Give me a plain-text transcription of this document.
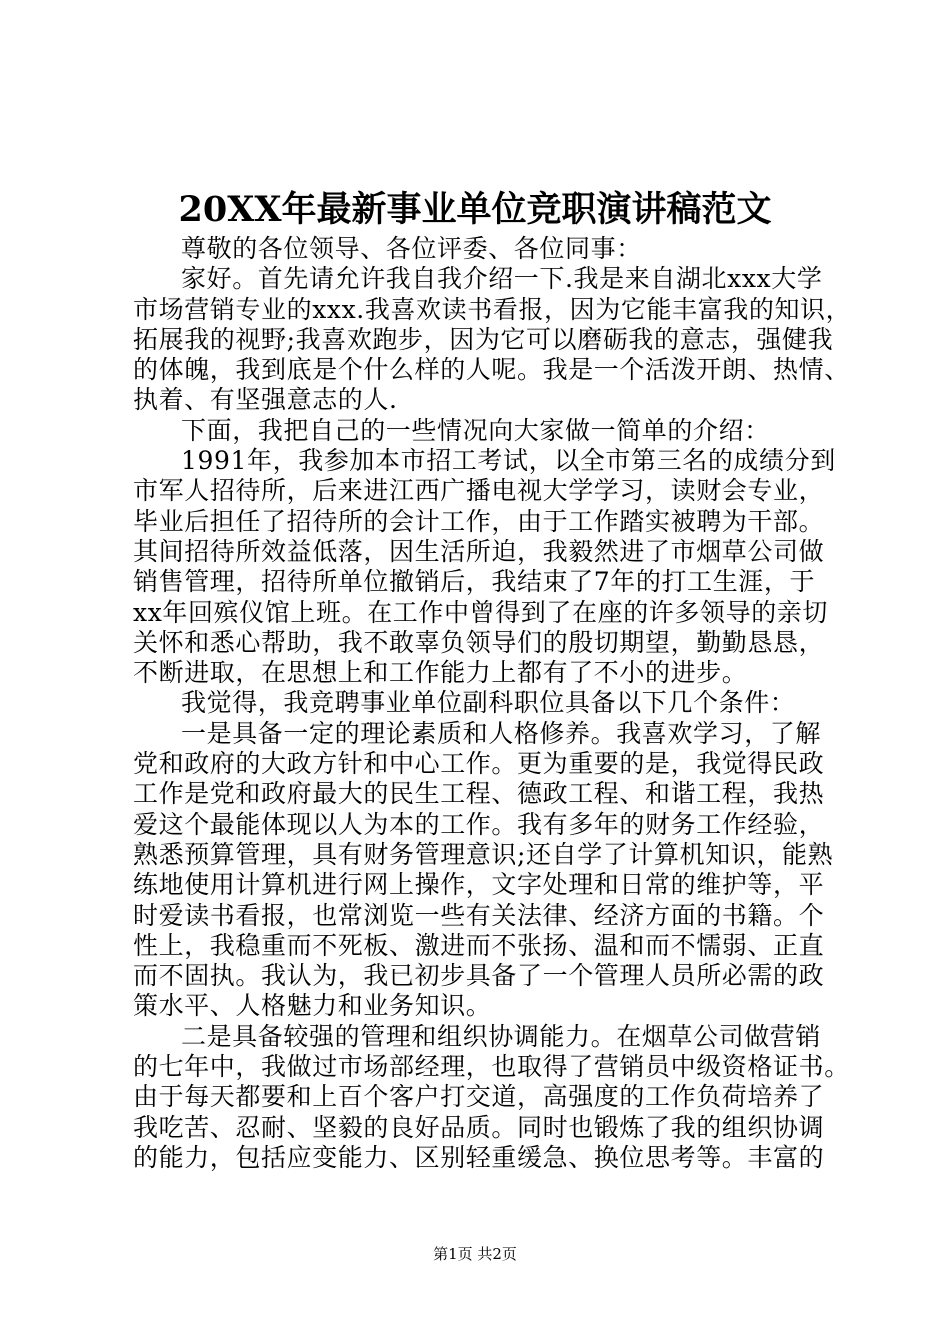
20XX年最新事业单位竞职演讲稿范文
尊敬的各位领导、各位评委、各位同事：
家好。首先请允许我自我介绍一下.我是来自湖北xxx大学
市场营销专业的xxx.我喜欢读书看报，因为它能丰富我的知识，
拓展我的视野;我喜欢跑步，因为它可以磨砺我的意志，强健我
的体魄，我到底是个什么样的人呢。我是一个活泼开朗、热情、
执着、有坚强意志的人.
下面，我把自己的一些情况向大家做一简单的介绍：
1991年，我参加本市招工考试，以全市第三名的成绩分到
市军人招待所，后来进江西广播电视大学学习，读财会专业，
毕业后担任了招待所的会计工作，由于工作踏实被聘为干部。
其间招待所效益低落，因生活所迫，我毅然进了市烟草公司做
销售管理，招待所单位撤销后，我结束了7年的打工生涯，于
xx年回殡仪馆上班。在工作中曾得到了在座的许多领导的亲切
关怀和悉心帮助，我不敢辜负领导们的殷切期望，勤勤恳恳，
不断进取，在思想上和工作能力上都有了不小的进步。
我觉得，我竞聘事业单位副科职位具备以下几个条件：
一是具备一定的理论素质和人格修养。我喜欢学习，了解
党和政府的大政方针和中心工作。更为重要的是，我觉得民政
工作是党和政府最大的民生工程、德政工程、和谐工程，我热
爱这个最能体现以人为本的工作。我有多年的财务工作经验，
熟悉预算管理，具有财务管理意识;还自学了计算机知识，能熟
练地使用计算机进行网上操作，文字处理和日常的维护等，平
时爱读书看报，也常浏览一些有关法律、经济方面的书籍。个
性上，我稳重而不死板、激进而不张扬、温和而不懦弱、正直
而不固执。我认为，我已初步具备了一个管理人员所必需的政
策水平、人格魅力和业务知识。
二是具备较强的管理和组织协调能力。在烟草公司做营销
的七年中，我做过市场部经理，也取得了营销员中级资格证书。
由于每天都要和上百个客户打交道，高强度的工作负荷培养了
我吃苦、忍耐、坚毅的良好品质。同时也锻炼了我的组织协调
的能力，包括应变能力、区别轻重缓急、换位思考等。丰富的
第1页 共2页
